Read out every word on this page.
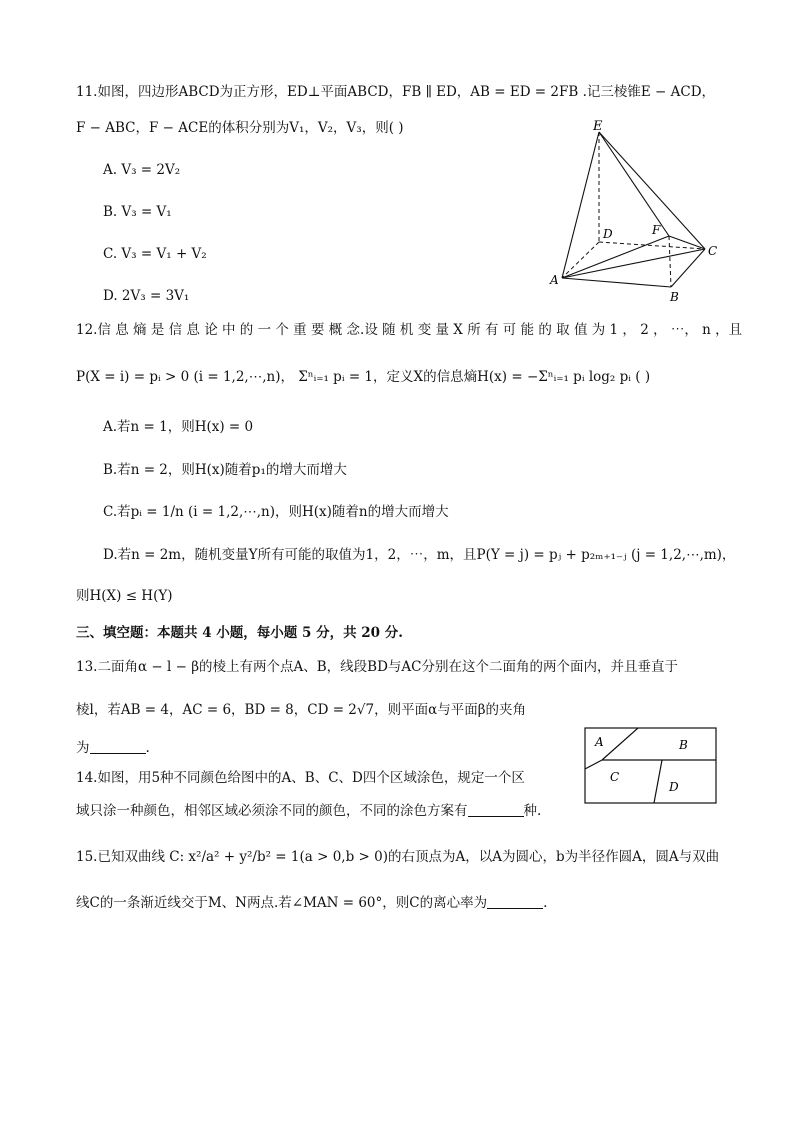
11.如图，四边形ABCD为正方形，ED⊥平面ABCD，FB ∥ ED，AB = ED = 2FB .记三棱锥E − ACD，
F − ABC，F − ACE的体积分别为V₁，V₂，V₃，则( )
A. V₃ = 2V₂
B. V₃ = V₁
C. V₃ = V₁ + V₂
D. 2V₃ = 3V₁
E
D	F
C
A
B
12.信 息 熵 是 信 息 论 中 的 一 个 重 要 概 念.设 随 机 变 量 X 所 有 可 能 的 取 值 为 1 ， 2 ， ⋯， n ，且
P(X = i) = pᵢ > 0 (i = 1,2,⋯,n)， Σⁿᵢ₌₁ pᵢ = 1，定义X的信息熵H(x) = −Σⁿᵢ₌₁ pᵢ log₂ pᵢ ( )
A.若n = 1，则H(x) = 0
B.若n = 2，则H(x)随着p₁的增大而增大
C.若pᵢ = 1/n (i = 1,2,⋯,n)，则H(x)随着n的增大而增大
D.若n = 2m，随机变量Y所有可能的取值为1，2，⋯，m，且P(Y = j) = pⱼ + p₂ₘ₊₁₋ⱼ (j = 1,2,⋯,m)，
则H(X) ≤ H(Y)
三、填空题：本题共 4 小题，每小题 5 分，共 20 分.
13.二面角α − l − β的棱上有两个点A、B，线段BD与AC分别在这个二面角的两个面内，并且垂直于
棱l，若AB = 4，AC = 6，BD = 8，CD = 2√7，则平面α与平面β的夹角
为	.
14.如图，用5种不同颜色给图中的A、B、C、D四个区域涂色，规定一个区
域只涂一种颜色，相邻区域必须涂不同的颜色，不同的涂色方案有	种.
A	B
C
D
15.已知双曲线 C: x²/a² + y²/b² = 1(a > 0,b > 0)的右顶点为A，以A为圆心，b为半径作圆A，圆A与双曲
线C的一条渐近线交于M、N两点.若∠MAN = 60°，则C的离心率为	.
